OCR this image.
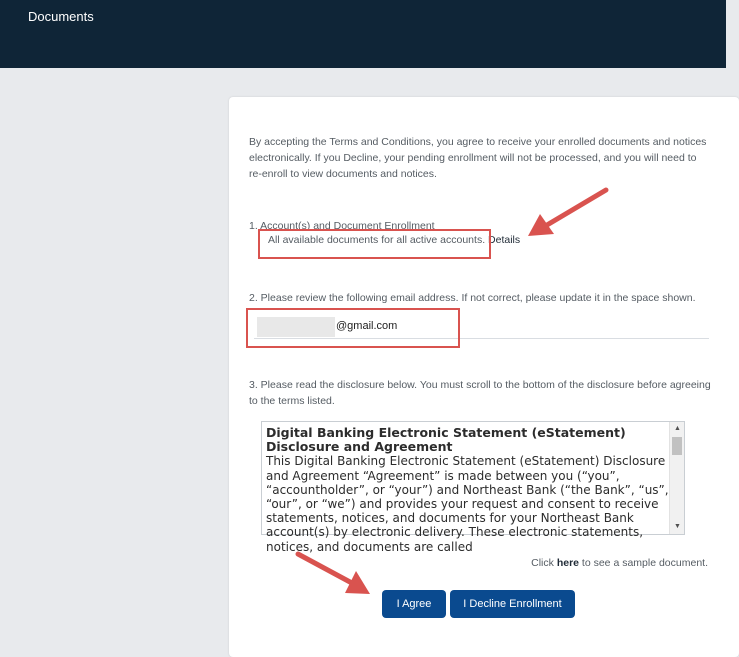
Documents

By accepting the Terms and Conditions, you agree to receive your enrolled documents and notices electronically. If you Decline, your pending enrollment will not be processed, and you will need to re-enroll to view documents and notices.

1. Account(s) and Document Enrollment

All available documents for all active accounts. Details

2. Please review the following email address. If not correct, please update it in the space shown.

@gmail.com

3. Please read the disclosure below. You must scroll to the bottom of the disclosure before agreeing to the terms listed.

Digital Banking Electronic Statement (eStatement) Disclosure and Agreement

This Digital Banking Electronic Statement (eStatement) Disclosure and Agreement “Agreement” is made between you (“you”, “accountholder”, or “your”) and Northeast Bank (“the Bank”, “us”, “our”, or “we”) and provides your request and consent to receive statements, notices, and documents for your Northeast Bank account(s) by electronic delivery. These electronic statements, notices, and documents are called

▲
▼
Click here to see a sample document.
I Agree	I Decline Enrollment
